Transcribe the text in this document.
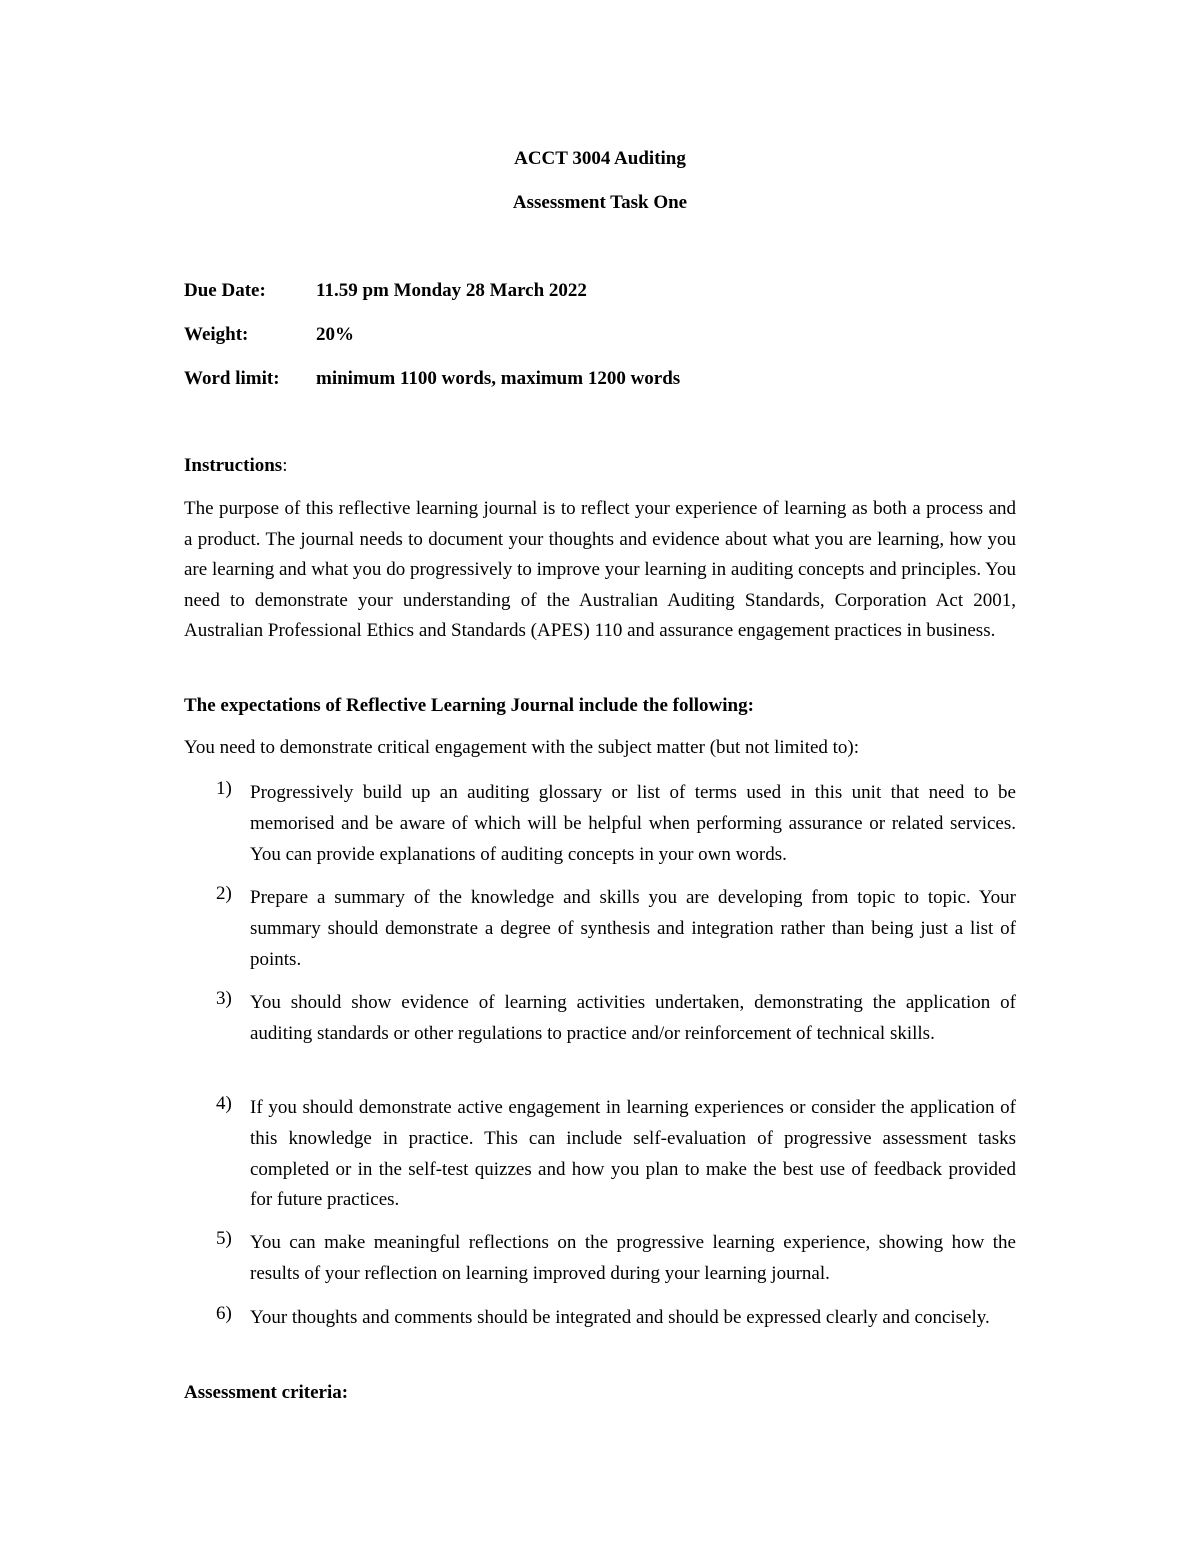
ACCT 3004 Auditing
Assessment Task One
Due Date:	11.59 pm Monday 28 March 2022
Weight:	20%
Word limit: minimum 1100 words, maximum 1200 words
Instructions:

The purpose of this reflective learning journal is to reflect your experience of learning as both a process and a product. The journal needs to document your thoughts and evidence about what you are learning, how you are learning and what you do progressively to improve your learning in auditing concepts and principles. You need to demonstrate your understanding of the Australian Auditing Standards, Corporation Act 2001, Australian Professional Ethics and Standards (APES) 110 and assurance engagement practices in business.

The expectations of Reflective Learning Journal include the following:

You need to demonstrate critical engagement with the subject matter (but not limited to):

1) Progressively build up an auditing glossary or list of terms used in this unit that need to be memorised and be aware of which will be helpful when performing assurance or related services. You can provide explanations of auditing concepts in your own words.
2) Prepare a summary of the knowledge and skills you are developing from topic to topic. Your summary should demonstrate a degree of synthesis and integration rather than being just a list of points.
3) You should show evidence of learning activities undertaken, demonstrating the application of auditing standards or other regulations to practice and/or reinforcement of technical skills.
4) If you should demonstrate active engagement in learning experiences or consider the application of this knowledge in practice. This can include self-evaluation of progressive assessment tasks completed or in the self-test quizzes and how you plan to make the best use of feedback provided for future practices.
5) You can make meaningful reflections on the progressive learning experience, showing how the results of your reflection on learning improved during your learning journal.
6) Your thoughts and comments should be integrated and should be expressed clearly and concisely.
Assessment criteria:
